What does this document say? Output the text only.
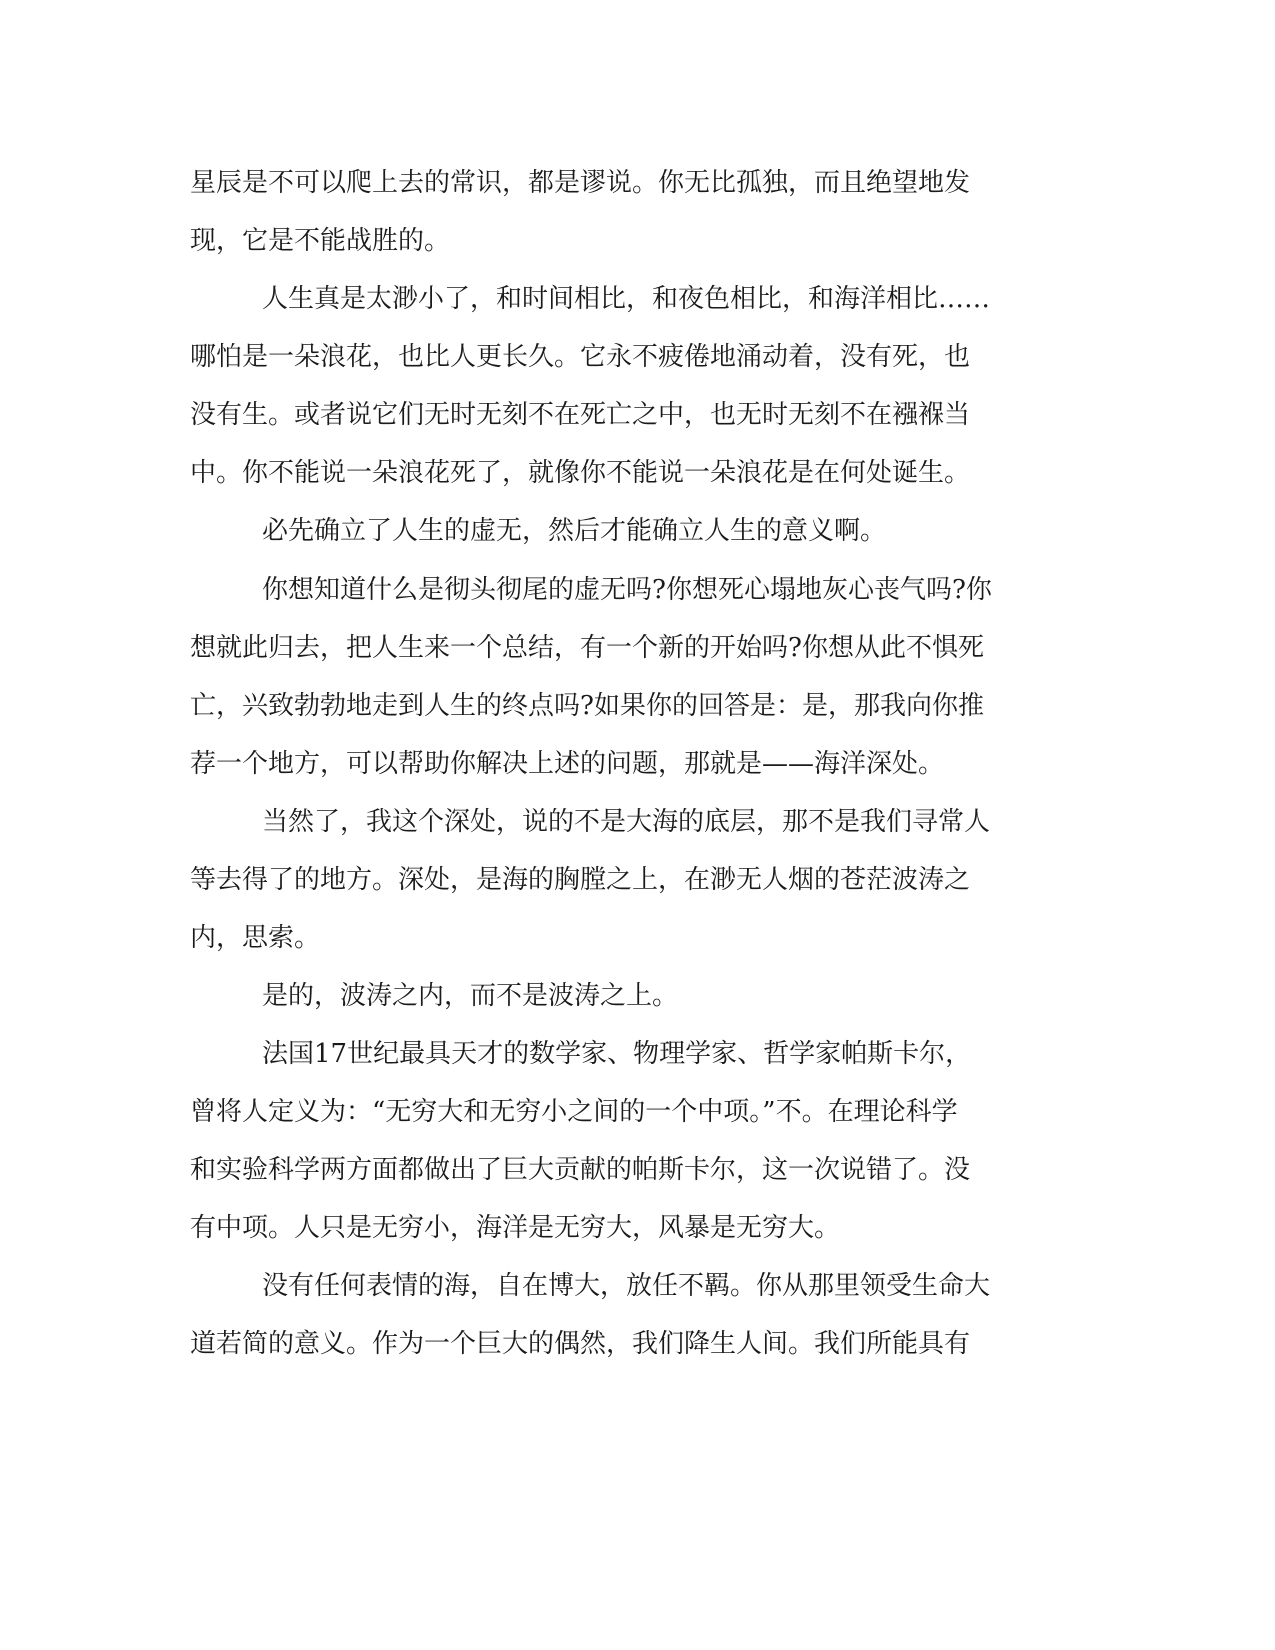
星辰是不可以爬上去的常识，都是谬说。你无比孤独，而且绝望地发

现，它是不能战胜的。

人生真是太渺小了，和时间相比，和夜色相比，和海洋相比……

哪怕是一朵浪花，也比人更长久。它永不疲倦地涌动着，没有死，也

没有生。或者说它们无时无刻不在死亡之中，也无时无刻不在襁褓当

中。你不能说一朵浪花死了，就像你不能说一朵浪花是在何处诞生。

必先确立了人生的虚无，然后才能确立人生的意义啊。

你想知道什么是彻头彻尾的虚无吗?你想死心塌地灰心丧气吗?你

想就此归去，把人生来一个总结，有一个新的开始吗?你想从此不惧死

亡，兴致勃勃地走到人生的终点吗?如果你的回答是：是，那我向你推

荐一个地方，可以帮助你解决上述的问题，那就是——海洋深处。

当然了，我这个深处，说的不是大海的底层，那不是我们寻常人

等去得了的地方。深处，是海的胸膛之上，在渺无人烟的苍茫波涛之

内，思索。

是的，波涛之内，而不是波涛之上。

法国17世纪最具天才的数学家、物理学家、哲学家帕斯卡尔，

曾将人定义为：“无穷大和无穷小之间的一个中项。”不。在理论科学

和实验科学两方面都做出了巨大贡献的帕斯卡尔，这一次说错了。没

有中项。人只是无穷小，海洋是无穷大，风暴是无穷大。

没有任何表情的海，自在博大，放任不羁。你从那里领受生命大

道若简的意义。作为一个巨大的偶然，我们降生人间。我们所能具有
